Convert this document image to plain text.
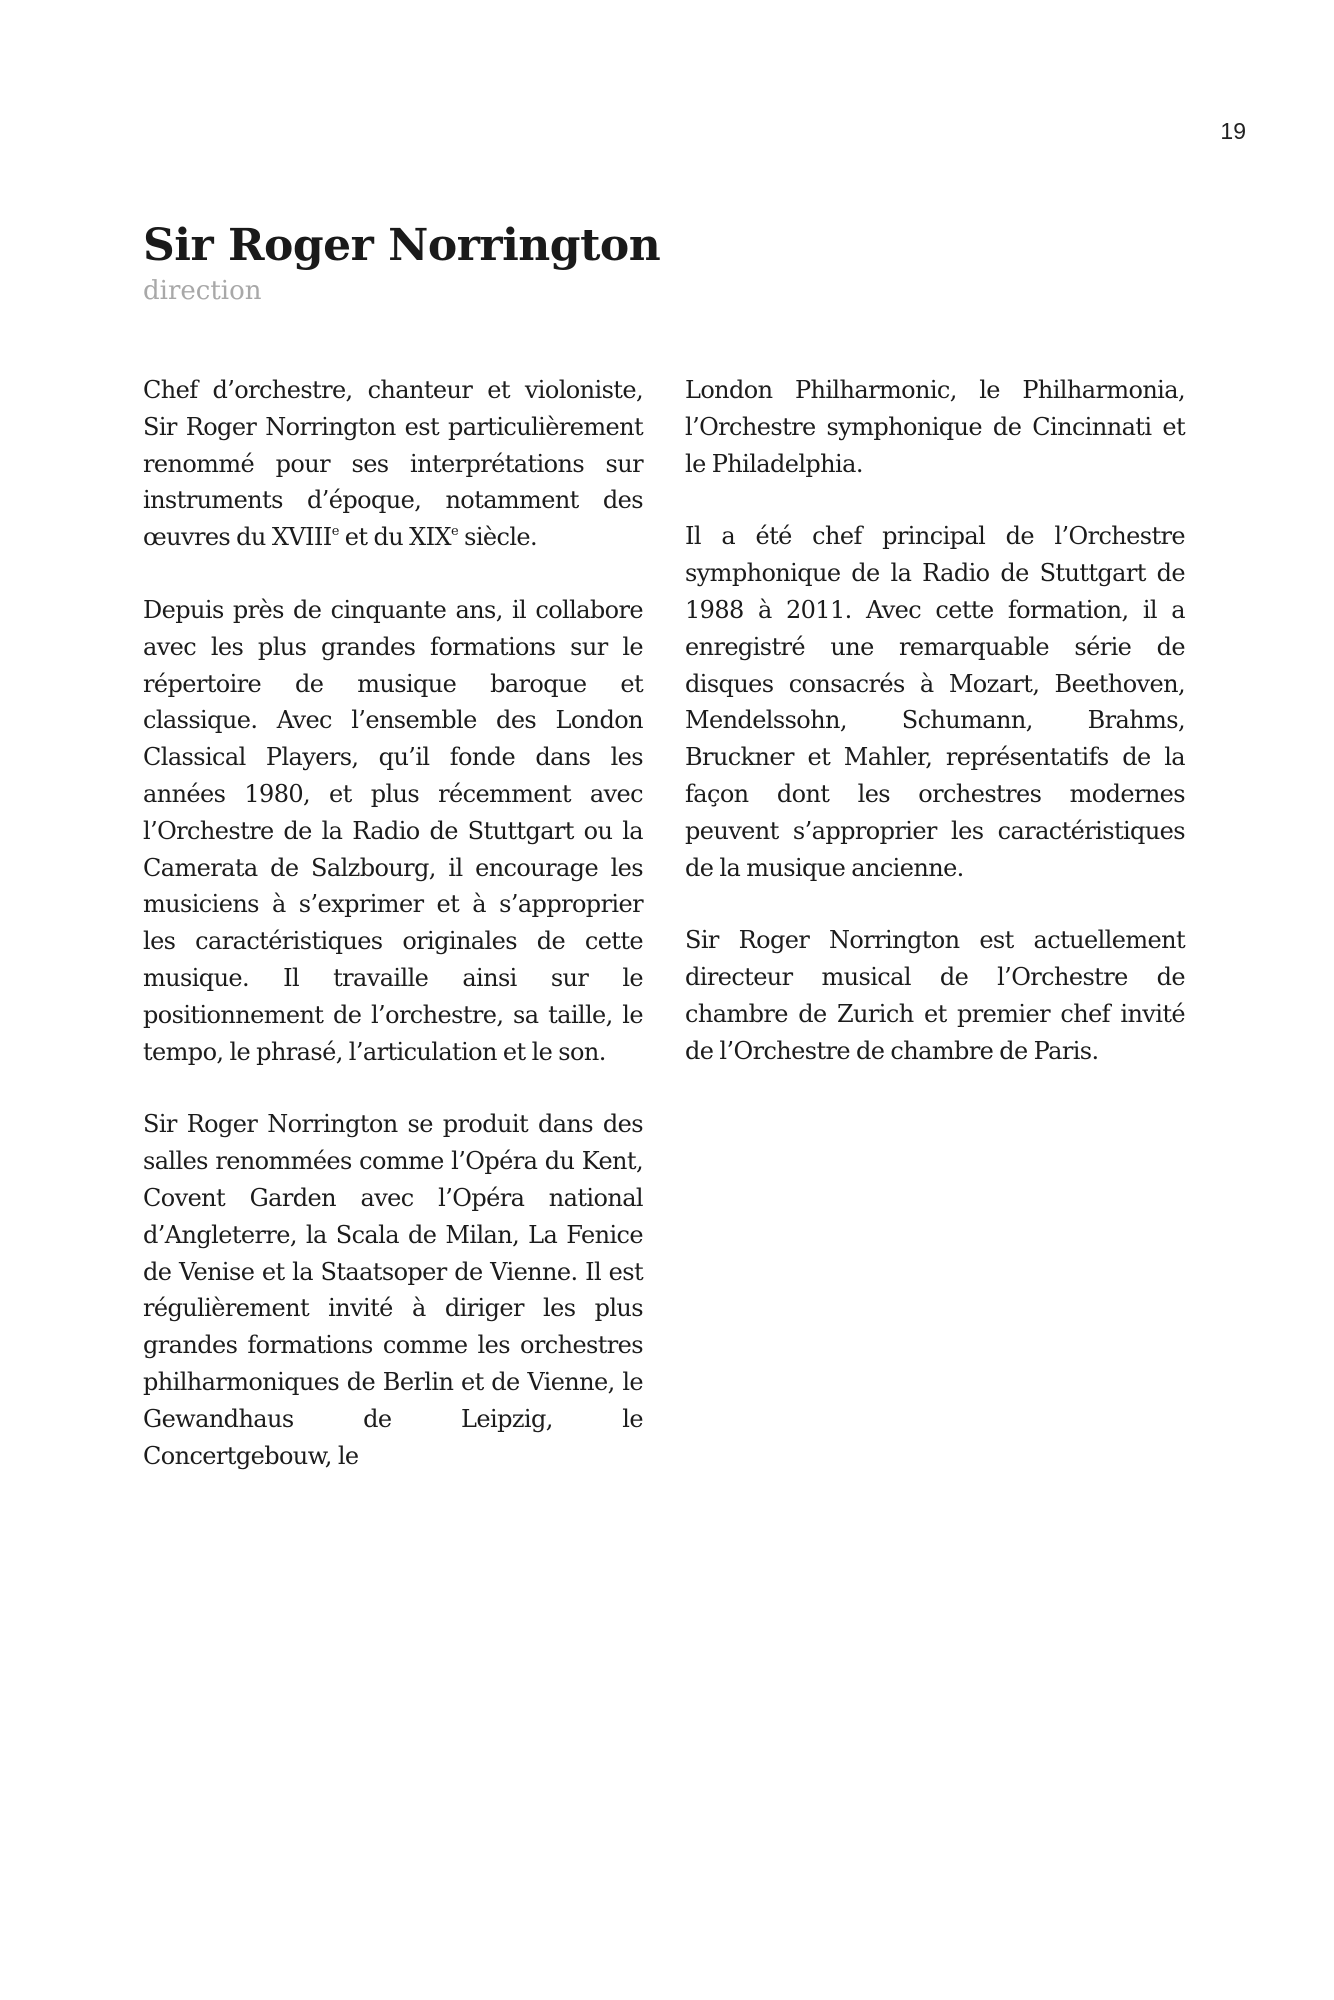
19
Sir Roger Norrington

direction

Chef d’orchestre, chanteur et violoniste, Sir Roger Norrington est particulièrement renommé pour ses interprétations sur instruments d’époque, notamment des œuvres du XVIIIe et du XIXe siècle.

Depuis près de cinquante ans, il collabore avec les plus grandes formations sur le répertoire de musique baroque et classique. Avec l’ensemble des London Classical Players, qu’il fonde dans les années 1980, et plus récemment avec l’Orchestre de la Radio de Stuttgart ou la Camerata de Salzbourg, il encourage les musiciens à s’exprimer et à s’approprier les caractéristiques originales de cette musique. Il travaille ainsi sur le positionnement de l’orchestre, sa taille, le tempo, le phrasé, l’articulation et le son.

Sir Roger Norrington se produit dans des salles renommées comme l’Opéra du Kent, Covent Garden avec l’Opéra national d’Angleterre, la Scala de Milan, La Fenice de Venise et la Staatsoper de Vienne. Il est régulièrement invité à diriger les plus grandes formations comme les orchestres philharmoniques de Berlin et de Vienne, le Gewandhaus de Leipzig, le Concertgebouw, le

London Philharmonic, le Philharmonia, l’Orchestre symphonique de Cincinnati et le Philadelphia.

Il a été chef principal de l’Orchestre symphonique de la Radio de Stuttgart de 1988 à 2011. Avec cette formation, il a enregistré une remarquable série de disques consacrés à Mozart, Beethoven, Mendelssohn, Schumann, Brahms, Bruckner et Mahler, représentatifs de la façon dont les orchestres modernes peuvent s’approprier les caractéristiques de la musique ancienne.

Sir Roger Norrington est actuellement directeur musical de l’Orchestre de chambre de Zurich et premier chef invité de l’Orchestre de chambre de Paris.
